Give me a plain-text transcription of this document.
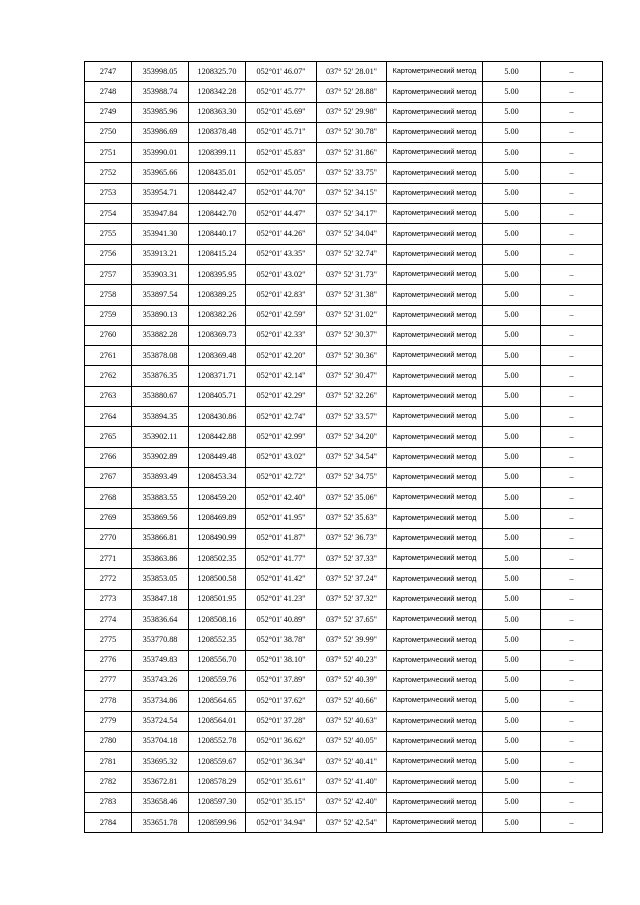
2747	353998.05	1208325.70	052°01' 46.07"	037° 52' 28.01"	Картометрический метод	5.00	–
2748	353988.74	1208342.28	052°01' 45.77"	037° 52' 28.88"	Картометрический метод	5.00	–
2749	353985.96	1208363.30	052°01' 45.69"	037° 52' 29.98"	Картометрический метод	5.00	–
2750	353986.69	1208378.48	052°01' 45.71"	037° 52' 30.78"	Картометрический метод	5.00	–
2751	353990.01	1208399.11	052°01' 45.83"	037° 52' 31.86"	Картометрический метод	5.00	–
2752	353965.66	1208435.01	052°01' 45.05"	037° 52' 33.75"	Картометрический метод	5.00	–
2753	353954.71	1208442.47	052°01' 44.70"	037° 52' 34.15"	Картометрический метод	5.00	–
2754	353947.84	1208442.70	052°01' 44.47"	037° 52' 34.17"	Картометрический метод	5.00	–
2755	353941.30	1208440.17	052°01' 44.26"	037° 52' 34.04"	Картометрический метод	5.00	–
2756	353913.21	1208415.24	052°01' 43.35"	037° 52' 32.74"	Картометрический метод	5.00	–
2757	353903.31	1208395.95	052°01' 43.02"	037° 52' 31.73"	Картометрический метод	5.00	–
2758	353897.54	1208389.25	052°01' 42.83"	037° 52' 31.38"	Картометрический метод	5.00	–
2759	353890.13	1208382.26	052°01' 42.59"	037° 52' 31.02"	Картометрический метод	5.00	–
2760	353882.28	1208369.73	052°01' 42.33"	037° 52' 30.37"	Картометрический метод	5.00	–
2761	353878.08	1208369.48	052°01' 42.20"	037° 52' 30.36"	Картометрический метод	5.00	–
2762	353876.35	1208371.71	052°01' 42.14"	037° 52' 30.47"	Картометрический метод	5.00	–
2763	353880.67	1208405.71	052°01' 42.29"	037° 52' 32.26"	Картометрический метод	5.00	–
2764	353894.35	1208430.86	052°01' 42.74"	037° 52' 33.57"	Картометрический метод	5.00	–
2765	353902.11	1208442.88	052°01' 42.99"	037° 52' 34.20"	Картометрический метод	5.00	–
2766	353902.89	1208449.48	052°01' 43.02"	037° 52' 34.54"	Картометрический метод	5.00	–
2767	353893.49	1208453.34	052°01' 42.72"	037° 52' 34.75"	Картометрический метод	5.00	–
2768	353883.55	1208459.20	052°01' 42.40"	037° 52' 35.06"	Картометрический метод	5.00	–
2769	353869.56	1208469.89	052°01' 41.95"	037° 52' 35.63"	Картометрический метод	5.00	–
2770	353866.81	1208490.99	052°01' 41.87"	037° 52' 36.73"	Картометрический метод	5.00	–
2771	353863.86	1208502.35	052°01' 41.77"	037° 52' 37.33"	Картометрический метод	5.00	–
2772	353853.05	1208500.58	052°01' 41.42"	037° 52' 37.24"	Картометрический метод	5.00	–
2773	353847.18	1208501.95	052°01' 41.23"	037° 52' 37.32"	Картометрический метод	5.00	–
2774	353836.64	1208508.16	052°01' 40.89"	037° 52' 37.65"	Картометрический метод	5.00	–
2775	353770.88	1208552.35	052°01' 38.78"	037° 52' 39.99"	Картометрический метод	5.00	–
2776	353749.83	1208556.70	052°01' 38.10"	037° 52' 40.23"	Картометрический метод	5.00	–
2777	353743.26	1208559.76	052°01' 37.89"	037° 52' 40.39"	Картометрический метод	5.00	–
2778	353734.86	1208564.65	052°01' 37.62"	037° 52' 40.66"	Картометрический метод	5.00	–
2779	353724.54	1208564.01	052°01' 37.28"	037° 52' 40.63"	Картометрический метод	5.00	–
2780	353704.18	1208552.78	052°01' 36.62"	037° 52' 40.05"	Картометрический метод	5.00	–
2781	353695.32	1208559.67	052°01' 36.34"	037° 52' 40.41"	Картометрический метод	5.00	–
2782	353672.81	1208578.29	052°01' 35.61"	037° 52' 41.40"	Картометрический метод	5.00	–
2783	353658.46	1208597.30	052°01' 35.15"	037° 52' 42.40"	Картометрический метод	5.00	–
2784	353651.78	1208599.96	052°01' 34.94"	037° 52' 42.54"	Картометрический метод	5.00	–
